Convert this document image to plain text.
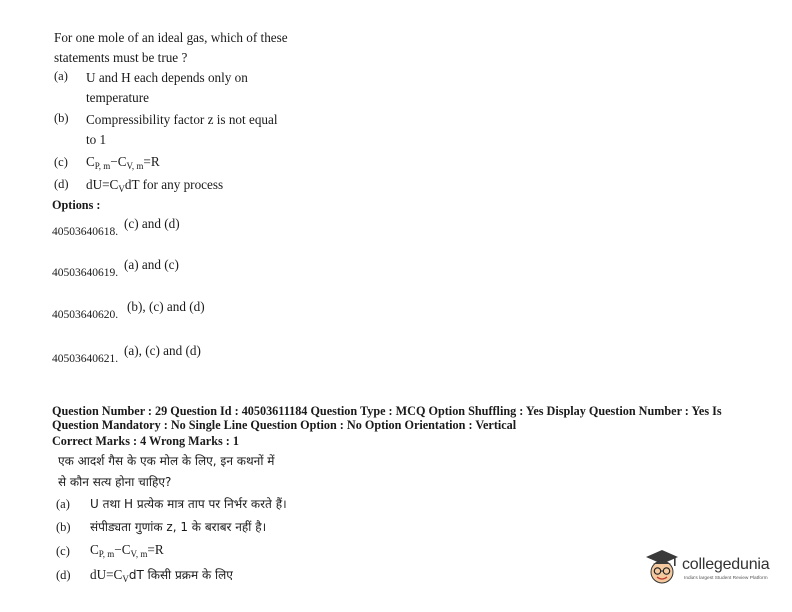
For one mole of an ideal gas, which of these
statements must be true ?
(a) U and H each depends only on
temperature
(b) Compressibility factor z is not equal
to 1
(c) $C_{P, m}-C_{V, m}=R$
(d) $dU=C_VdT$ for any process
Options :
40503640618.
(c) and (d)
40503640619.
(a) and (c)
40503640620.
(b), (c) and (d)
40503640621.
(a), (c) and (d)
Question Number : 29 Question Id : 40503611184 Question Type : MCQ Option Shuffling : Yes Display Question Number : Yes Is
Question Mandatory : No Single Line Question Option : No Option Orientation : Vertical
Correct Marks : 4 Wrong Marks : 1
एक आदर्श गैस के एक मोल के लिए, इन कथनों में
से कौन सत्य होना चाहिए?
(a) U तथा H प्रत्येक मात्र ताप पर निर्भर करते हैं।
(b) संपीड्यता गुणांक z, 1 के बराबर नहीं है।
(c) $C_{P, m}-C_{V, m}=R$
(d) $dU=C_VdT$ किसी प्रक्रम के लिए
collegedunia
India's largest Student Review Platform
